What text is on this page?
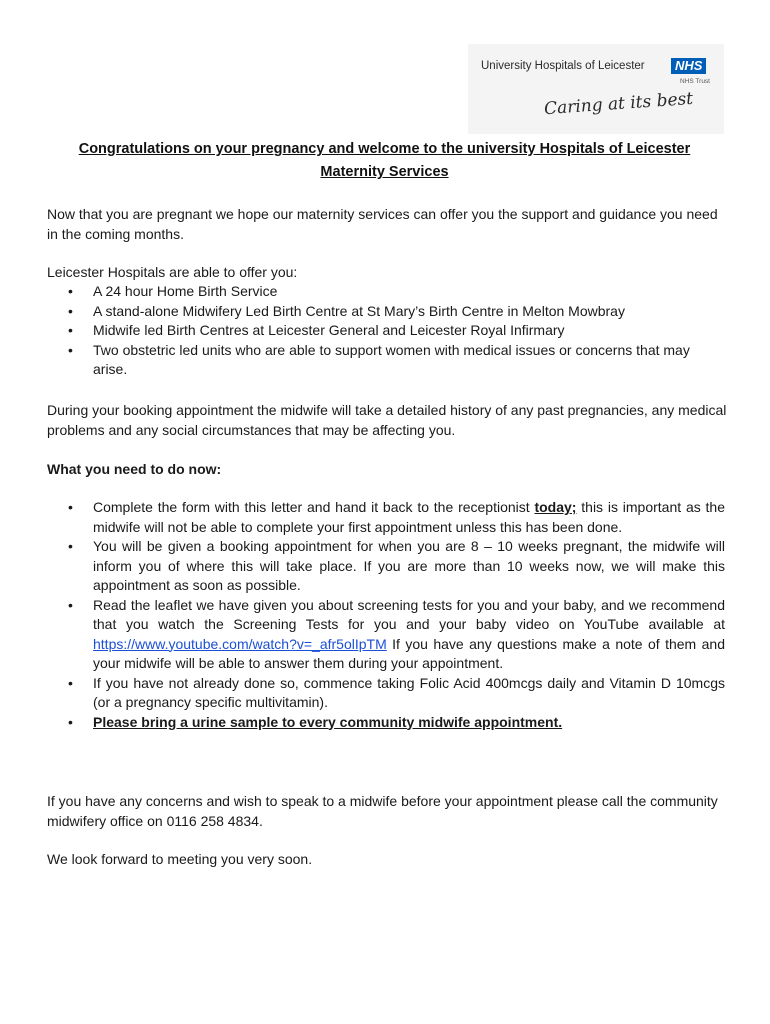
University Hospitals of Leicester	NHS
NHS Trust
Caring at its best
Congratulations on your pregnancy and welcome to the university Hospitals of Leicester Maternity Services

Now that you are pregnant we hope our maternity services can offer you the support and guidance you need in the coming months.

Leicester Hospitals are able to offer you:

• A 24 hour Home Birth Service
• A stand-alone Midwifery Led Birth Centre at St Mary’s Birth Centre in Melton Mowbray
• Midwife led Birth Centres at Leicester General and Leicester Royal Infirmary
• Two obstetric led units who are able to support women with medical issues or concerns that may arise.

During your booking appointment the midwife will take a detailed history of any past pregnancies, any medical problems and any social circumstances that may be affecting you.

What you need to do now:

• Complete the form with this letter and hand it back to the receptionist today; this is important as the midwife will not be able to complete your first appointment unless this has been done.
• You will be given a booking appointment for when you are 8 – 10 weeks pregnant, the midwife will inform you of where this will take place. If you are more than 10 weeks now, we will make this appointment as soon as possible.
• Read the leaflet we have given you about screening tests for you and your baby, and we recommend that you watch the Screening Tests for you and your baby video on YouTube available at https://www.youtube.com/watch?v=_afr5olIpTM If you have any questions make a note of them and your midwife will be able to answer them during your appointment.
• If you have not already done so, commence taking Folic Acid 400mcgs daily and Vitamin D 10mcgs (or a pregnancy specific multivitamin).
• Please bring a urine sample to every community midwife appointment.

If you have any concerns and wish to speak to a midwife before your appointment please call the community midwifery office on 0116 258 4834.

We look forward to meeting you very soon.
